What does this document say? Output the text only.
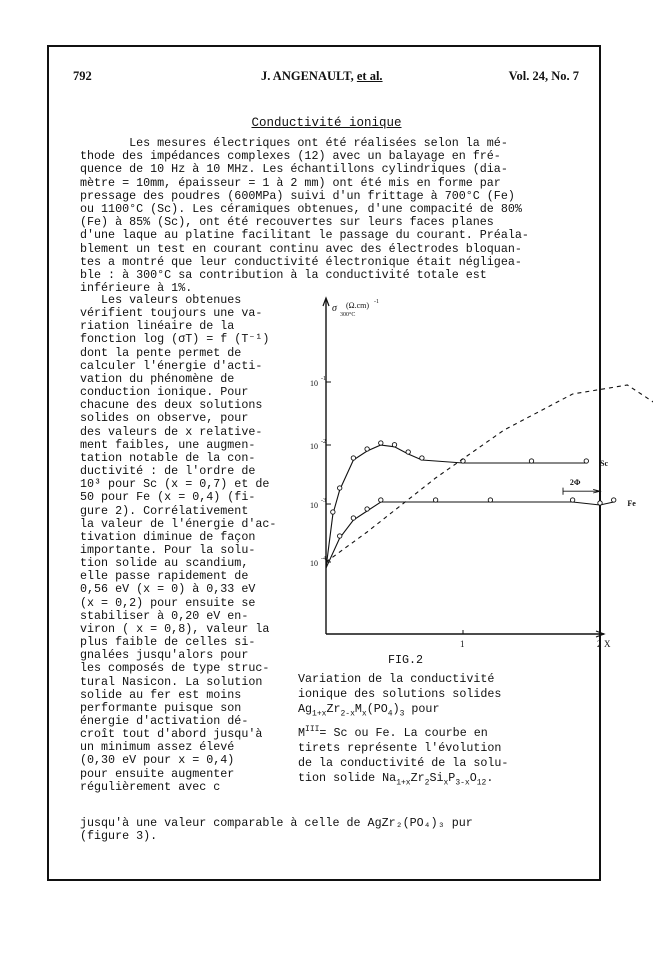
792	J. ANGENAULT, et al.	Vol. 24, No. 7
Conductivité ionique
Les mesures électriques ont été réalisées selon la mé-
thode des impédances complexes (12) avec un balayage en fré-
quence de 10 Hz à 10 MHz. Les échantillons cylindriques (dia-
mètre = 10mm, épaisseur = 1 à 2 mm) ont été mis en forme par
pressage des poudres (600MPa) suivi d'un frittage à 700°C (Fe)
ou 1100°C (Sc). Les céramiques obtenues, d'une compacité de 80%
(Fe) à 85% (Sc), ont été recouvertes sur leurs faces planes
d'une laque au platine facilitant le passage du courant. Préala-
blement un test en courant continu avec des électrodes bloquan-
tes a montré que leur conductivité électronique était négligea-
ble : à 300°C sa contribution à la conductivité totale est
inférieure à 1%.
Les valeurs obtenues
vérifient toujours une va-
riation linéaire de la
fonction log (σT) = f (T⁻¹)
dont la pente permet de
calculer l'énergie d'acti-
vation du phénomène de
conduction ionique. Pour
chacune des deux solutions
solides on observe, pour
des valeurs de x relative-
ment faibles, une augmen-
tation notable de la con-
ductivité : de l'ordre de
10³ pour Sc (x = 0,7) et de
50 pour Fe (x = 0,4) (fi-
gure 2). Corrélativement
la valeur de l'énergie d'ac-
tivation diminue de façon
importante. Pour la solu-
tion solide au scandium,
elle passe rapidement de
0,56 eV (x = 0) à 0,33 eV
(x = 0,2) pour ensuite se
stabiliser à 0,20 eV en-
viron ( x = 0,8), valeur la
plus faible de celles si-
gnalées jusqu'alors pour
les composés de type struc-
tural Nasicon. La solution
solide au fer est moins
performante puisque son
énergie d'activation dé-
croît tout d'abord jusqu'à
un minimum assez élevé
(0,30 eV pour x = 0,4)
pour ensuite augmenter
régulièrement avec c
jusqu'à une valeur comparable à celle de AgZr₂(PO₄)₃ pur
(figure 3).
10 -1
10 -2
10 -3
10 -4
1	2 X
σ
300°C
(Ω.cm) -1
Sc
Fe
2Φ
FIG.2
Variation de la conductivité
ionique des solutions solides
$Ag_{1+x}Zr_{2-x}M_x(PO_4)_3$ pour
$M^{III}= Sc$ ou Fe. La courbe en
tirets représente l'évolution
de la conductivité de la solu-
tion solide $Na_{1+x}Zr_2Si_xP_{3-x}O_{12}$.
